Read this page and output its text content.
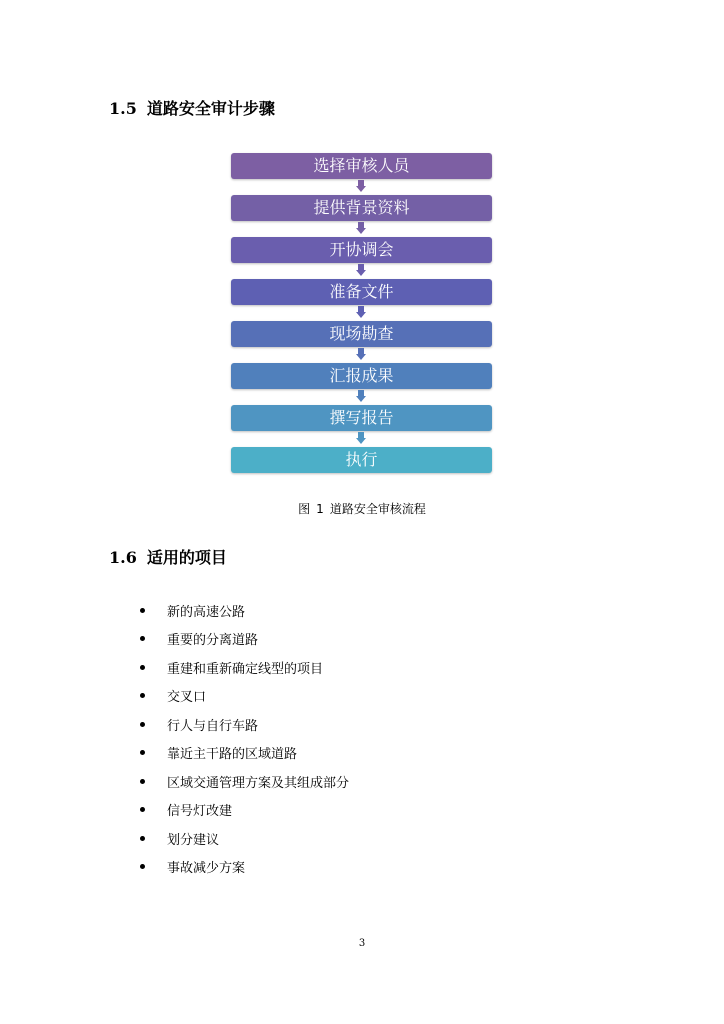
1.5 道路安全审计步骤
选择审核人员
提供背景资料
开协调会
准备文件
现场勘查
汇报成果
撰写报告
执行
图 1 道路安全审核流程
1.6 适用的项目
新的高速公路
重要的分离道路
重建和重新确定线型的项目
交叉口
行人与自行车路
靠近主干路的区域道路
区域交通管理方案及其组成部分
信号灯改建
划分建议
事故减少方案
3
